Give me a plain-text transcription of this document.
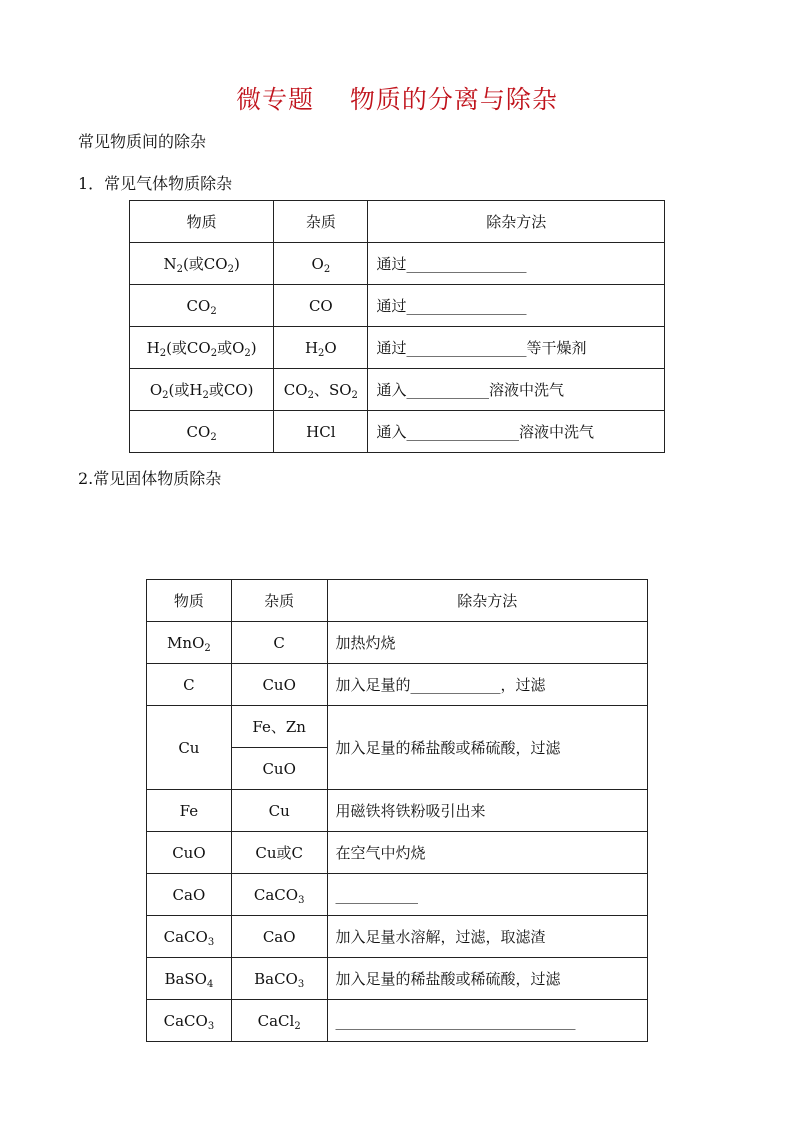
微专题    物质的分离与除杂
常见物质间的除杂
1．常见气体物质除杂
物质	杂质	除杂方法
$N_2$(或$CO_2$)	$O_2$	通过________________
$CO_2$	CO	通过________________
$H_2$(或$CO_2$或$O_2$)	$H_2O$	通过________________等干燥剂
$O_2$(或$H_2$或CO)	$CO_2$、$SO_2$	通入___________溶液中洗气
$CO_2$	HCl	通入_______________溶液中洗气
2.常见固体物质除杂
物质	杂质	除杂方法
MnO$_2$	C	加热灼烧
C	CuO	加入足量的____________，过滤
Cu	Fe、Zn	加入足量的稀盐酸或稀硫酸，过滤
	CuO	
Fe	Cu	用磁铁将铁粉吸引出来
CuO	Cu或C	在空气中灼烧
CaO	CaCO$_3$	___________
CaCO$_3$	CaO	加入足量水溶解，过滤，取滤渣
BaSO$_4$	BaCO$_3$	加入足量的稀盐酸或稀硫酸，过滤
CaCO$_3$	CaCl$_2$	________________________________
